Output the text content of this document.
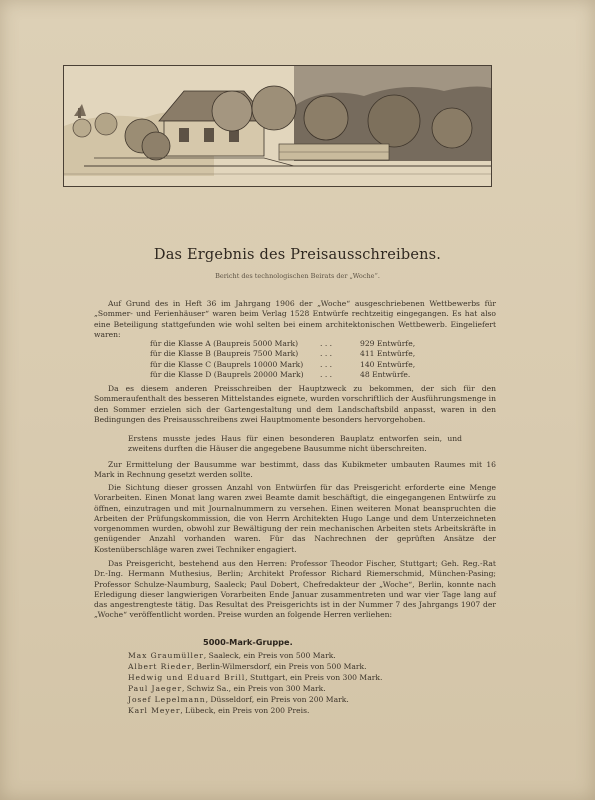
Das Ergebnis des Preisausschreibens.
Bericht des technologischen Beirats der „Woche“.

Auf Grund des in Heft 36 im Jahrgang 1906 der „Woche“ ausgeschriebenen Wettbewerbs für „Sommer- und Ferienhäuser“ waren beim Verlag 1528 Entwürfe rechtzeitig eingegangen. Es hat also eine Beteiligung stattgefunden wie wohl selten bei einem architektonischen Wettbewerb. Eingeliefert waren:

für die Klasse A (Baupreis 5000 Mark)	. . .	929 Entwürfe,
für die Klasse B (Baupreis 7500 Mark)	. . .	411 Entwürfe,
für die Klasse C (Bauprels 10000 Mark)	. . .	140 Entwürfe,
für die Klasse D (Bauprels 20000 Mark)	. . .	48 Entwürfe.

Da es diesem anderen Preisschreiben der Hauptzweck zu bekommen, der sich für den Sommeraufenthalt des besseren Mittelstandes eignete, wurden vorschriftlich der Ausführungsmenge in den Sommer erzielen sich der Gartengestaltung und dem Landschaftsbild anpasst, waren in den Bedingungen des Preisausschreibens zwei Hauptmomente besonders hervorgehoben.

Erstens musste jedes Haus für einen besonderen Bauplatz entworfen sein, und zweitens durften die Häuser die angegebene Bausumme nicht überschreiten.

Zur Ermittelung der Bausumme war bestimmt, dass das Kubikmeter umbauten Raumes mit 16 Mark in Rechnung gesetzt werden sollte.

Die Sichtung dieser grossen Anzahl von Entwürfen für das Preisgericht erforderte eine Menge Vorarbeiten. Einen Monat lang waren zwei Beamte damit beschäftigt, die eingegangenen Entwürfe zu öffnen, einzutragen und mit Journalnummern zu versehen. Einen weiteren Monat beanspruchten die Arbeiten der Prüfungskommission, die von Herrn Architekten Hugo Lange und dem Unterzeichneten vorgenommen wurden, obwohl zur Bewältigung der rein mechanischen Arbeiten stets Arbeitskräfte in genügender Anzahl vorhanden waren. Für das Nachrechnen der geprüften Ansätze der Kostenüberschläge waren zwei Techniker engagiert.

Das Preisgericht, bestehend aus den Herren: Professor Theodor Fischer, Stuttgart; Geh. Reg.-Rat Dr.-Ing. Hermann Muthesius, Berlin; Architekt Professor Richard Riemerschmid, München-Pasing; Professor Schulze-Naumburg, Saaleck; Paul Dobert, Chefredakteur der „Woche“, Berlin, konnte nach Erledigung dieser langwierigen Vorarbeiten Ende Januar zusammentreten und war vier Tage lang auf das angestrengteste tätig. Das Resultat des Preisgerichts ist in der Nummer 7 des Jahrgangs 1907 der „Woche“ veröffentlicht worden. Preise wurden an folgende Herren verliehen:

5000-Mark-Gruppe.
Max Graumüller, Saaleck, ein Preis von 500 Mark.
Albert Rieder, Berlin-Wilmersdorf, ein Preis von 500 Mark.
Hedwig und Eduard Brill, Stuttgart, ein Preis von 300 Mark.
Paul Jaeger, Schwiz Sa., ein Preis von 300 Mark.
Josef Lepelmann, Düsseldorf, ein Preis von 200 Mark.
Karl Meyer, Lübeck, ein Preis von 200 Preis.
